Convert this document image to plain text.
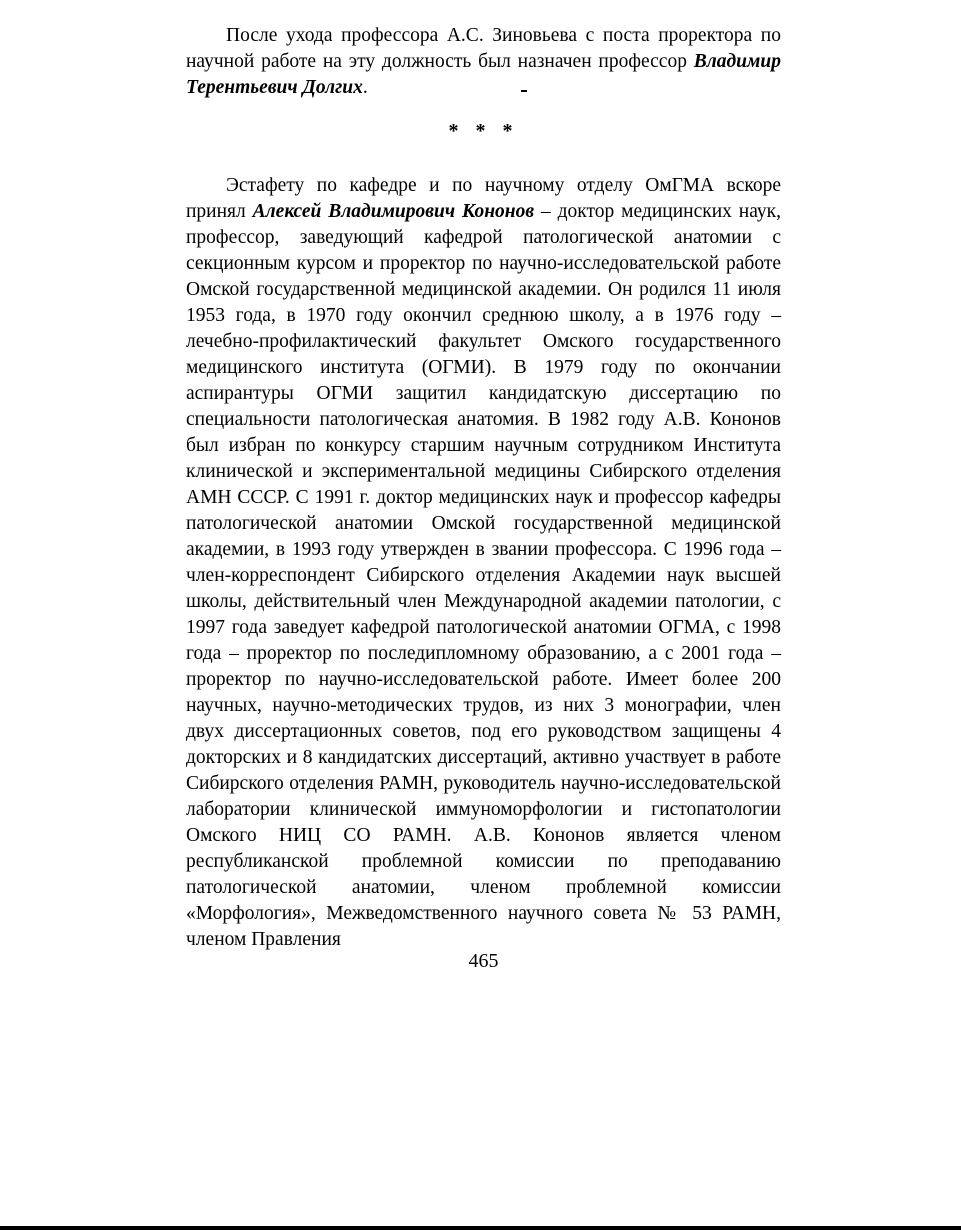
После ухода профессора А.С. Зиновьева с поста проректора по научной работе на эту должность был назначен профессор Владимир Терентьевич Долгих.
* * *
Эстафету по кафедре и по научному отделу ОмГМА вскоре принял Алексей Владимирович Кононов – доктор медицинских наук, профессор, заведующий кафедрой патологической анатомии с секционным курсом и проректор по научно-исследовательской работе Омской государственной медицинской академии. Он родился 11 июля 1953 года, в 1970 году окончил среднюю школу, а в 1976 году – лечебно-профилактический факультет Омского государственного медицинского института (ОГМИ). В 1979 году по окончании аспирантуры ОГМИ защитил кандидатскую диссертацию по специальности патологическая анатомия. В 1982 году А.В. Кононов был избран по конкурсу старшим научным сотрудником Института клинической и экспериментальной медицины Сибирского отделения АМН СССР. С 1991 г. доктор медицинских наук и профессор кафедры патологической анатомии Омской государственной медицинской академии, в 1993 году утвержден в звании профессора. С 1996 года – член-корреспондент Сибирского отделения Академии наук высшей школы, действительный член Международной академии патологии, с 1997 года заведует кафедрой патологической анатомии ОГМА, с 1998 года – проректор по последипломному образованию, а с 2001 года – проректор по научно-исследовательской работе. Имеет более 200 научных, научно-методических трудов, из них 3 монографии, член двух диссертационных советов, под его руководством защищены 4 докторских и 8 кандидатских диссертаций, активно участвует в работе Сибирского отделения РАМН, руководитель научно-исследовательской лаборатории клинической иммуноморфологии и гистопатологии Омского НИЦ СО РАМН. А.В. Кононов является членом республиканской проблемной комиссии по преподаванию патологической анатомии, членом проблемной комиссии «Морфология», Межведомственного научного совета № 53 РАМН, членом Правления
465
